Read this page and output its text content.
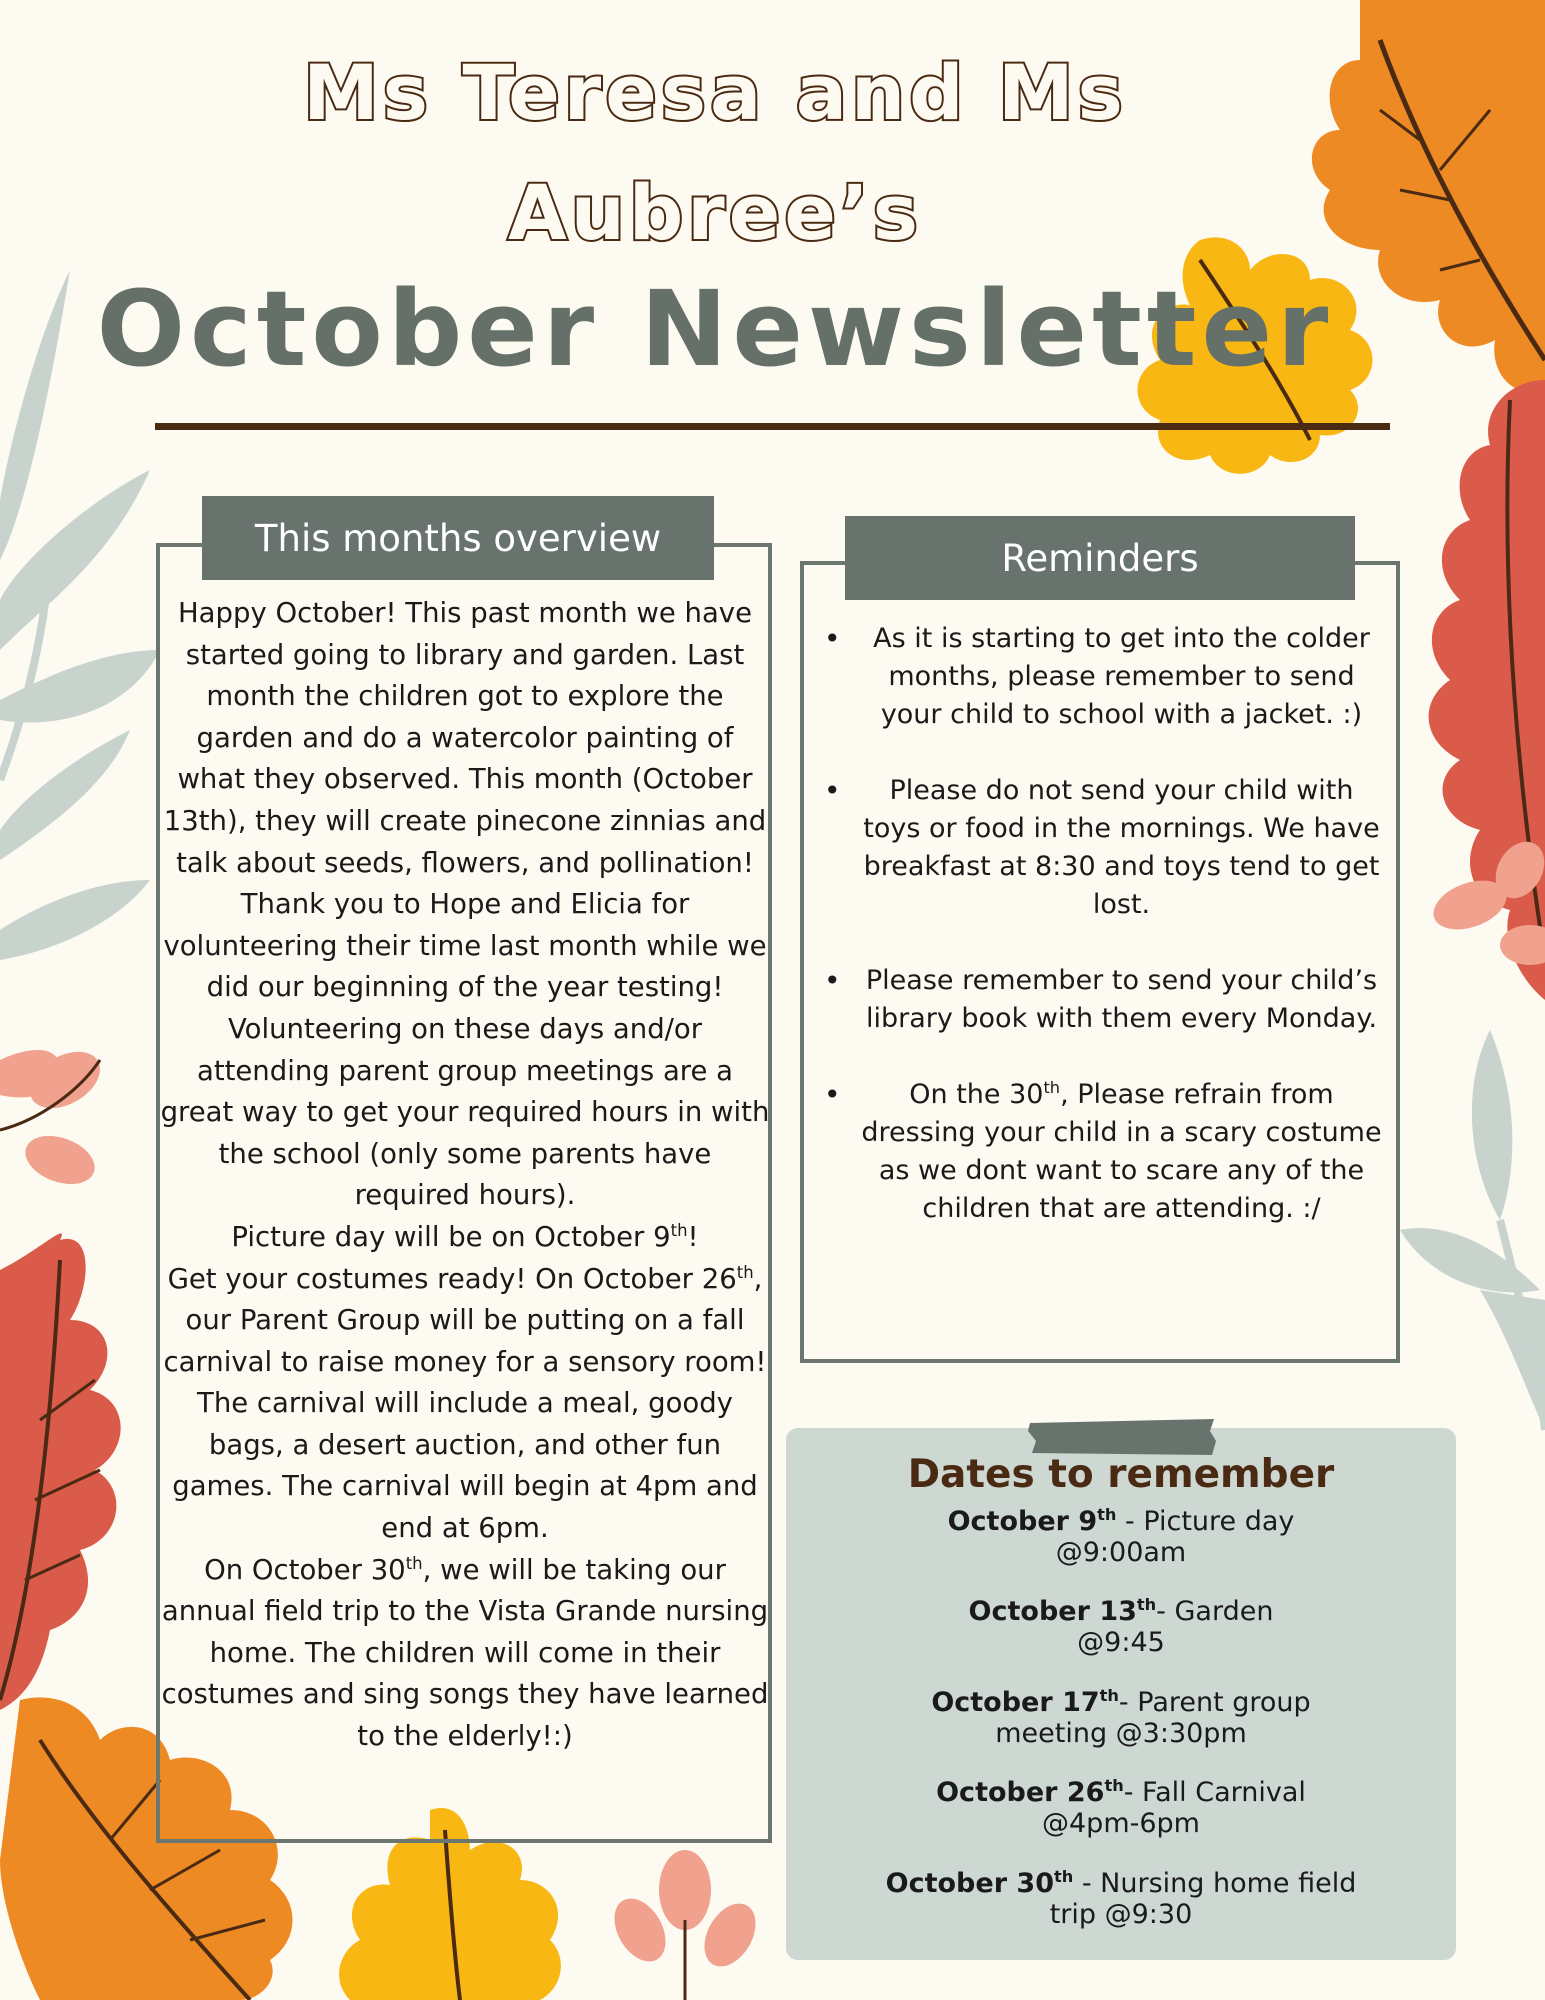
Ms Teresa and Ms
Aubree’s
October Newsletter
This months overview

Happy October! This past month we have started going to library and garden. Last month the children got to explore the garden and do a watercolor painting of what they observed. This month (October 13th), they will create pinecone zinnias and talk about seeds, flowers, and pollination!

Thank you to Hope and Elicia for volunteering their time last month while we did our beginning of the year testing! Volunteering on these days and/or attending parent group meetings are a great way to get your required hours in with the school (only some parents have required hours).

Picture day will be on October 9th!

Get your costumes ready! On October 26th, our Parent Group will be putting on a fall carnival to raise money for a sensory room! The carnival will include a meal, goody bags, a desert auction, and other fun games. The carnival will begin at 4pm and end at 6pm.

On October 30th, we will be taking our annual field trip to the Vista Grande nursing home. The children will come in their costumes and sing songs they have learned to the elderly!:)

Reminders
• As it is starting to get into the colder months, please remember to send your child to school with a jacket. :)
• Please do not send your child with toys or food in the mornings. We have breakfast at 8:30 and toys tend to get lost.
• Please remember to send your child’s library book with them every Monday.
•	On the 30th, Please refrain from dressing your child in a scary costume as we dont want to scare any of the children that are attending. :/
Dates to remember
October 9th - Picture day
@9:00am
October 13th- Garden
@9:45
October 17th- Parent group
meeting @3:30pm
October 26th- Fall Carnival
@4pm-6pm
October 30th - Nursing home field
trip @9:30
